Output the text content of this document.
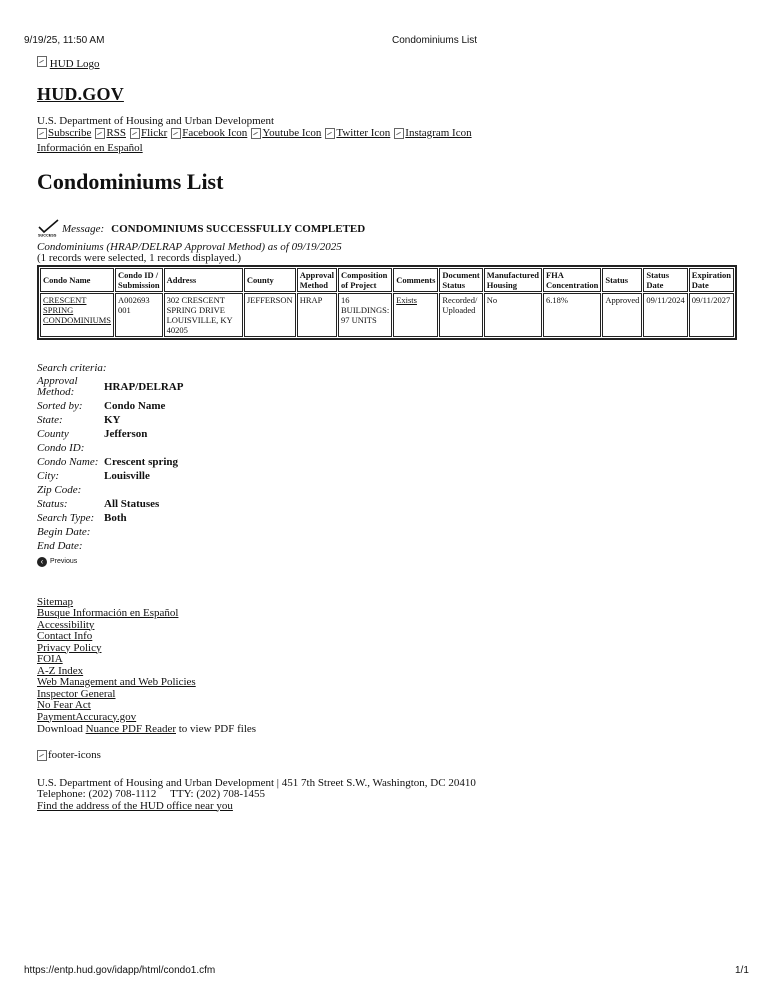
9/19/25, 11:50 AM	Condominiums List
HUD Logo
HUD.GOV
U.S. Department of Housing and Urban Development
Subscribe RSS Flickr Facebook Icon Youtube Icon Twitter Icon Instagram Icon
Información en Español
Condominiums List
SUCCESS
Message: CONDOMINIUMS SUCCESSFULLY COMPLETED
Condominiums (HRAP/DELRAP Approval Method) as of 09/19/2025
(1 records were selected, 1 records displayed.)
Condo Name	Condo ID / Submission	Address	County	Approval Method	Composition of Project	Comments	Document Status	Manufactured Housing	FHA Concentration	Status	Status Date	Expiration Date
CRESCENT SPRING CONDOMINIUMS	A002693 001	302 CRESCENT SPRING DRIVE LOUISVILLE, KY 40205	JEFFERSON	HRAP	16 BUILDINGS: 97 UNITS	Exists	Recorded/ Uploaded	No	6.18%	Approved	09/11/2024	09/11/2027
Search criteria:
Approval Method:	HRAP/DELRAP
Sorted by:	Condo Name
State:	KY
County	Jefferson
Condo ID:
Condo Name: Crescent spring
City:	Louisville
Zip Code:
Status:	All Statuses
Search Type: Both
Begin Date:
End Date:
‹ Previous
Sitemap
Busque Información en Español
Accessibility
Contact Info
Privacy Policy
FOIA
A-Z Index
Web Management and Web Policies
Inspector General
No Fear Act
PaymentAccuracy.gov
Download Nuance PDF Reader to view PDF files
footer-icons
U.S. Department of Housing and Urban Development | 451 7th Street S.W., Washington, DC 20410
Telephone: (202) 708-1112 TTY: (202) 708-1455
Find the address of the HUD office near you
https://entp.hud.gov/idapp/html/condo1.cfm	1/1
